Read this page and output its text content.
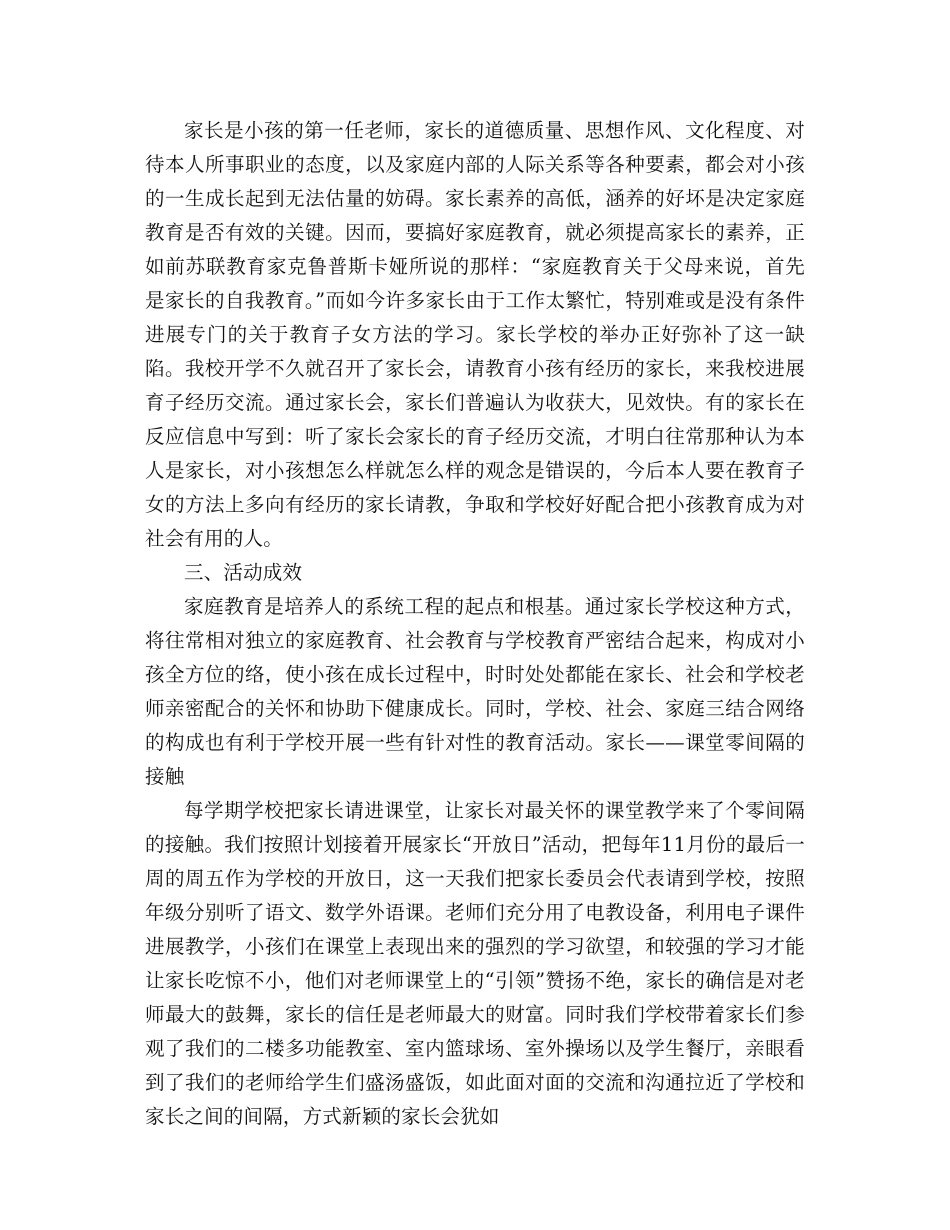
家长是小孩的第一任老师，家长的道德质量、思想作风、文化程度、对待本人所事职业的态度，以及家庭内部的人际关系等各种要素，都会对小孩的一生成长起到无法估量的妨碍。家长素养的高低，涵养的好坏是决定家庭教育是否有效的关键。因而，要搞好家庭教育，就必须提高家长的素养，正如前苏联教育家克鲁普斯卡娅所说的那样：“家庭教育关于父母来说，首先是家长的自我教育。”而如今许多家长由于工作太繁忙，特别难或是没有条件进展专门的关于教育子女方法的学习。家长学校的举办正好弥补了这一缺陷。我校开学不久就召开了家长会，请教育小孩有经历的家长，来我校进展育子经历交流。通过家长会，家长们普遍认为收获大，见效快。有的家长在反应信息中写到：听了家长会家长的育子经历交流，才明白往常那种认为本人是家长，对小孩想怎么样就怎么样的观念是错误的，今后本人要在教育子女的方法上多向有经历的家长请教，争取和学校好好配合把小孩教育成为对社会有用的人。

三、活动成效

家庭教育是培养人的系统工程的起点和根基。通过家长学校这种方式，将往常相对独立的家庭教育、社会教育与学校教育严密结合起来，构成对小孩全方位的络，使小孩在成长过程中，时时处处都能在家长、社会和学校老师亲密配合的关怀和协助下健康成长。同时，学校、社会、家庭三结合网络的构成也有利于学校开展一些有针对性的教育活动。家长——课堂零间隔的接触

每学期学校把家长请进课堂，让家长对最关怀的课堂教学来了个零间隔的接触。我们按照计划接着开展家长“开放日”活动，把每年11月份的最后一周的周五作为学校的开放日，这一天我们把家长委员会代表请到学校，按照年级分别听了语文、数学外语课。老师们充分用了电教设备，利用电子课件进展教学，小孩们在课堂上表现出来的强烈的学习欲望，和较强的学习才能让家长吃惊不小，他们对老师课堂上的“引领”赞扬不绝，家长的确信是对老师最大的鼓舞，家长的信任是老师最大的财富。同时我们学校带着家长们参观了我们的二楼多功能教室、室内篮球场、室外操场以及学生餐厅，亲眼看到了我们的老师给学生们盛汤盛饭，如此面对面的交流和沟通拉近了学校和家长之间的间隔，方式新颖的家长会犹如
